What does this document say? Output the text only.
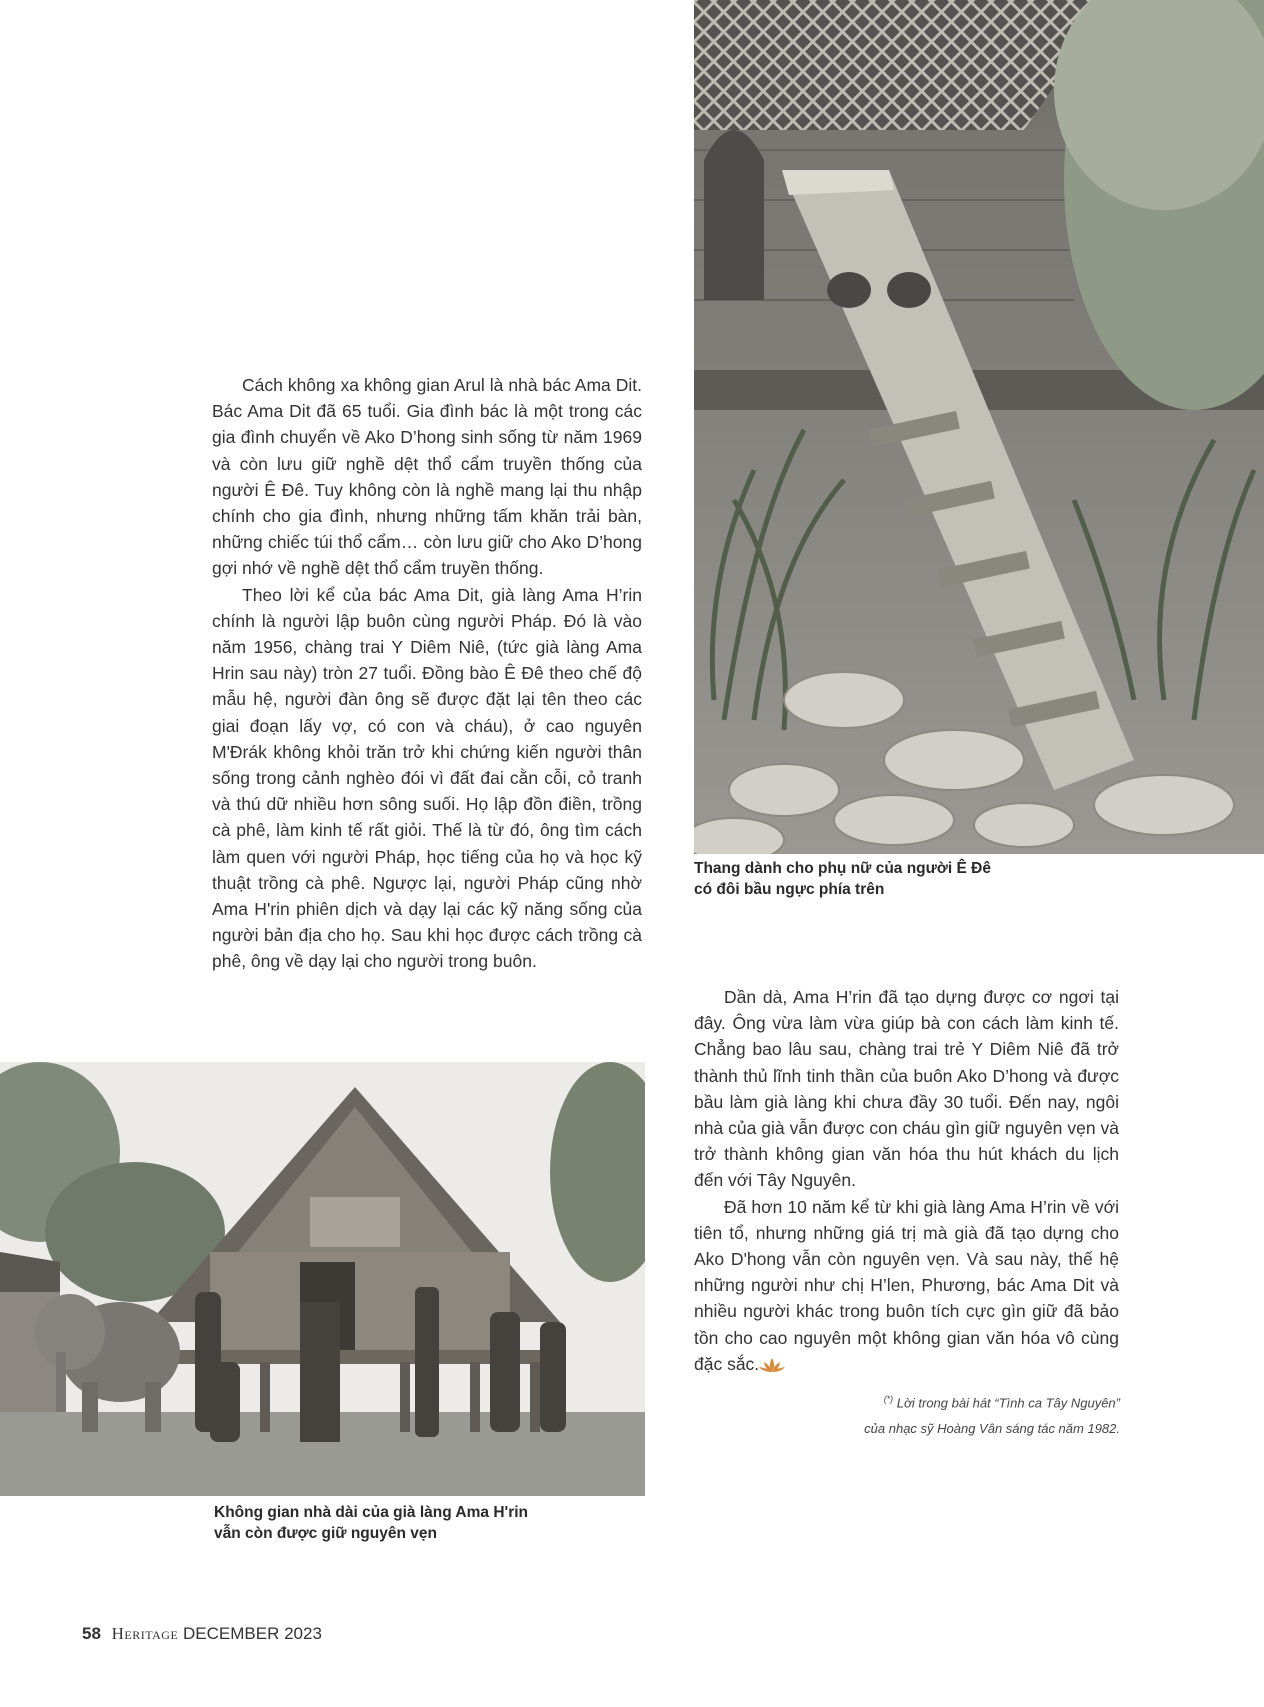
Cách không xa không gian Arul là nhà bác Ama Dit. Bác Ama Dit đã 65 tuổi. Gia đình bác là một trong các gia đình chuyển về Ako D’hong sinh sống từ năm 1969 và còn lưu giữ nghề dệt thổ cẩm truyền thống của người Ê Đê. Tuy không còn là nghề mang lại thu nhập chính cho gia đình, nhưng những tấm khăn trải bàn, những chiếc túi thổ cẩm… còn lưu giữ cho Ako D’hong gợi nhớ về nghề dệt thổ cẩm truyền thống.

Theo lời kể của bác Ama Dit, già làng Ama H’rin chính là người lập buôn cùng người Pháp. Đó là vào năm 1956, chàng trai Y Diêm Niê, (tức già làng Ama Hrin sau này) tròn 27 tuổi. Đồng bào Ê Đê theo chế độ mẫu hệ, người đàn ông sẽ được đặt lại tên theo các giai đoạn lấy vợ, có con và cháu), ở cao nguyên M'Đrák không khỏi trăn trở khi chứng kiến người thân sống trong cảnh nghèo đói vì đất đai cằn cỗi, cỏ tranh và thú dữ nhiều hơn sông suối. Họ lập đồn điền, trồng cà phê, làm kinh tế rất giỏi. Thế là từ đó, ông tìm cách làm quen với người Pháp, học tiếng của họ và học kỹ thuật trồng cà phê. Ngược lại, người Pháp cũng nhờ Ama H'rin phiên dịch và dạy lại các kỹ năng sống của người bản địa cho họ. Sau khi học được cách trồng cà phê, ông về dạy lại cho người trong buôn.

Thang dành cho phụ nữ của người Ê Đê
có đôi bầu ngực phía trên
Không gian nhà dài của già làng Ama H'rin
vẫn còn được giữ nguyên vẹn

Dần dà, Ama H’rin đã tạo dựng được cơ ngơi tại đây. Ông vừa làm vừa giúp bà con cách làm kinh tế. Chẳng bao lâu sau, chàng trai trẻ Y Diêm Niê đã trở thành thủ lĩnh tinh thần của buôn Ako D’hong và được bầu làm già làng khi chưa đầy 30 tuổi. Đến nay, ngôi nhà của già vẫn được con cháu gìn giữ nguyên vẹn và trở thành không gian văn hóa thu hút khách du lịch đến với Tây Nguyên.

Đã hơn 10 năm kể từ khi già làng Ama H’rin về với tiên tổ, nhưng những giá trị mà già đã tạo dựng cho Ako D'hong vẫn còn nguyên vẹn. Và sau này, thế hệ những người như chị H’len, Phương, bác Ama Dit và nhiều người khác trong buôn tích cực gìn giữ đã bảo tồn cho cao nguyên một không gian văn hóa vô cùng đặc sắc.

(*) Lời trong bài hát “Tình ca Tây Nguyên”
của nhạc sỹ Hoàng Vân sáng tác năm 1982.
58 Heritage DECEMBER 2023
